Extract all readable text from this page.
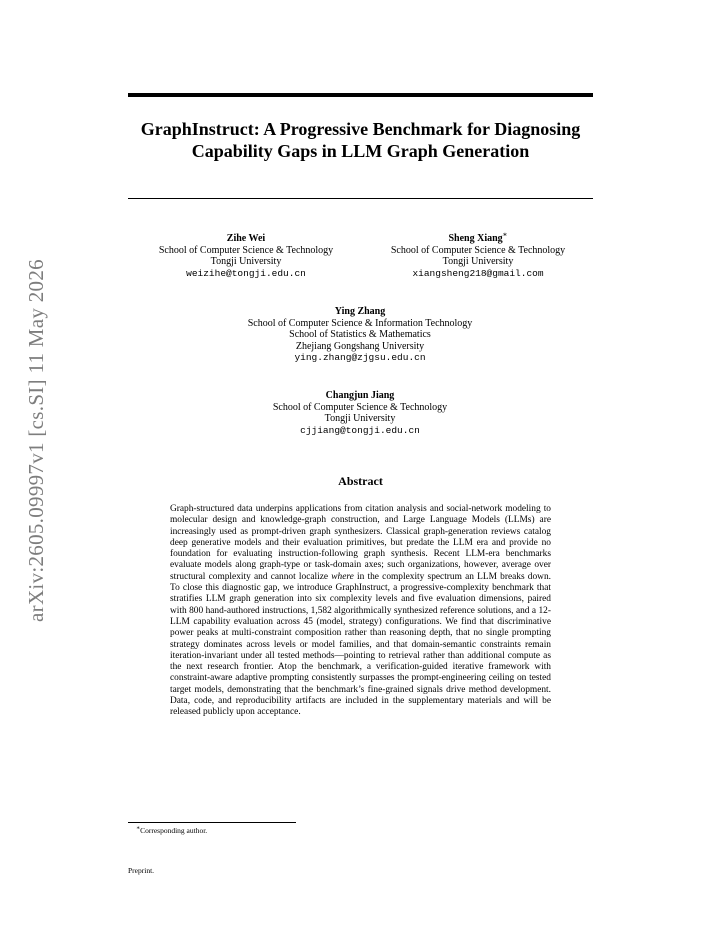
arXiv:2605.09997v1 [cs.SI] 11 May 2026
GraphInstruct: A Progressive Benchmark for Diagnosing Capability Gaps in LLM Graph Generation
Zihe Wei
School of Computer Science & Technology
Tongji University
weizihe@tongji.edu.cn
Sheng Xiang∗
School of Computer Science & Technology
Tongji University
xiangsheng218@gmail.com
Ying Zhang
School of Computer Science & Information Technology
School of Statistics & Mathematics
Zhejiang Gongshang University
ying.zhang@zjgsu.edu.cn
Changjun Jiang
School of Computer Science & Technology
Tongji University
cjjiang@tongji.edu.cn
Abstract
Graph-structured data underpins applications from citation analysis and social-network modeling to molecular design and knowledge-graph construction, and Large Language Models (LLMs) are increasingly used as prompt-driven graph synthesizers. Classical graph-generation reviews catalog deep generative models and their evaluation primitives, but predate the LLM era and provide no foundation for evaluating instruction-following graph synthesis. Recent LLM-era benchmarks evaluate models along graph-type or task-domain axes; such organizations, however, average over structural complexity and cannot localize where in the complexity spectrum an LLM breaks down. To close this diagnostic gap, we introduce GraphInstruct, a progressive-complexity benchmark that stratifies LLM graph generation into six complexity levels and five evaluation dimensions, paired with 800 hand-authored instructions, 1,582 algorithmically synthesized reference solutions, and a 12-LLM capability evaluation across 45 (model, strategy) configurations. We find that discriminative power peaks at multi-constraint composition rather than reasoning depth, that no single prompting strategy dominates across levels or model families, and that domain-semantic constraints remain iteration-invariant under all tested methods—pointing to retrieval rather than additional compute as the next research frontier. Atop the benchmark, a verification-guided iterative framework with constraint-aware adaptive prompting consistently surpasses the prompt-engineering ceiling on tested target models, demonstrating that the benchmark’s fine-grained signals drive method development. Data, code, and reproducibility artifacts are included in the supplementary materials and will be released publicly upon acceptance.
∗Corresponding author.
Preprint.
